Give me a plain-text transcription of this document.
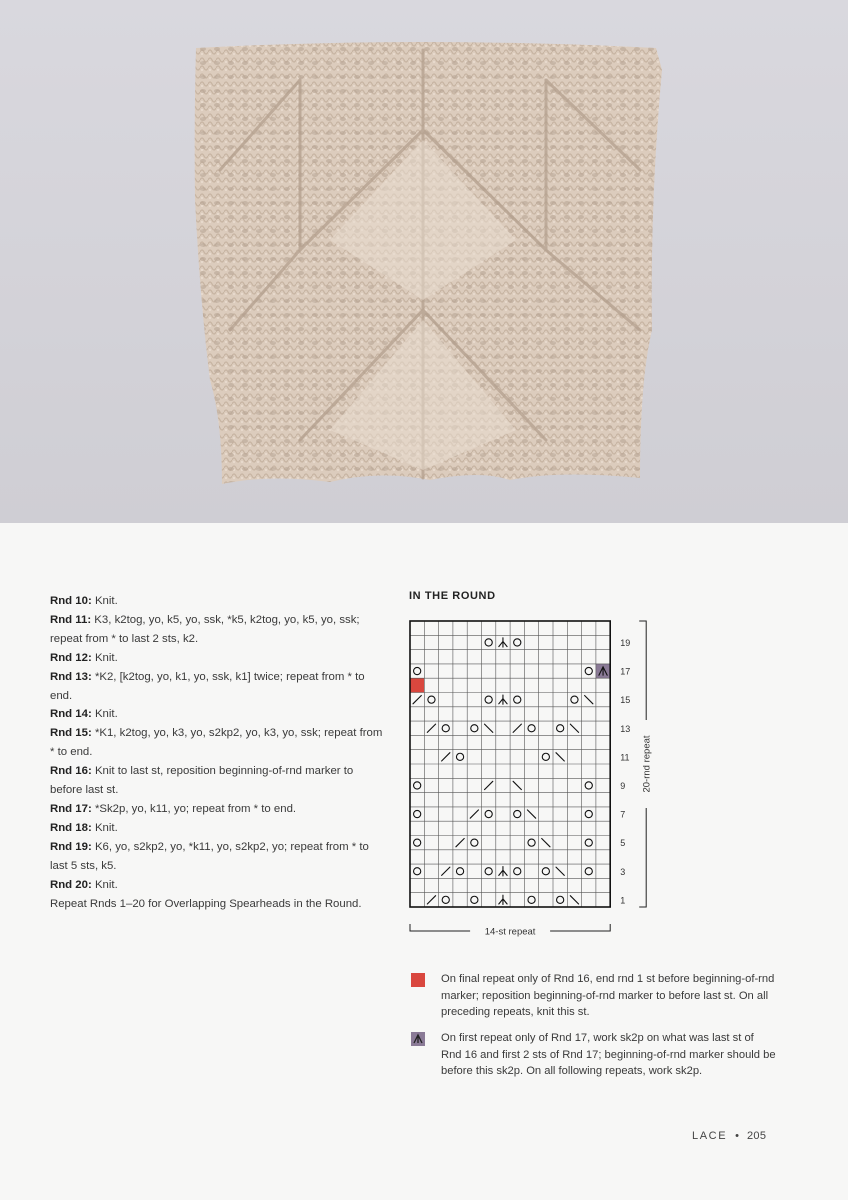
Rnd 10: Knit.

Rnd 11: K3, k2tog, yo, k5, yo, ssk, *k5, k2tog, yo, k5, yo, ssk; repeat from * to last 2 sts, k2.

Rnd 12: Knit.

Rnd 13: *K2, [k2tog, yo, k1, yo, ssk, k1] twice; repeat from * to end.

Rnd 14: Knit.

Rnd 15: *K1, k2tog, yo, k3, yo, s2kp2, yo, k3, yo, ssk; repeat from * to end.

Rnd 16: Knit to last st, reposition beginning-of-rnd marker to before last st.

Rnd 17: *Sk2p, yo, k11, yo; repeat from * to end.

Rnd 18: Knit.

Rnd 19: K6, yo, s2kp2, yo, *k11, yo, s2kp2, yo; repeat from * to last 5 sts, k5.

Rnd 20: Knit.

Repeat Rnds 1–20 for Overlapping Spearheads in the Round.

IN THE ROUND
1
3
5
7
9
11
13
15
17
19
20-rnd repeat
14-st repeat
On final repeat only of Rnd 16, end rnd 1 st before beginning-of-rnd marker; reposition beginning-of-rnd marker to before last st. On all preceding repeats, knit this st.
On first repeat only of Rnd 17, work sk2p on what was last st of Rnd 16 and first 2 sts of Rnd 17; beginning-of-rnd marker should be before this sk2p. On all following repeats, work sk2p.
LACE • 205
